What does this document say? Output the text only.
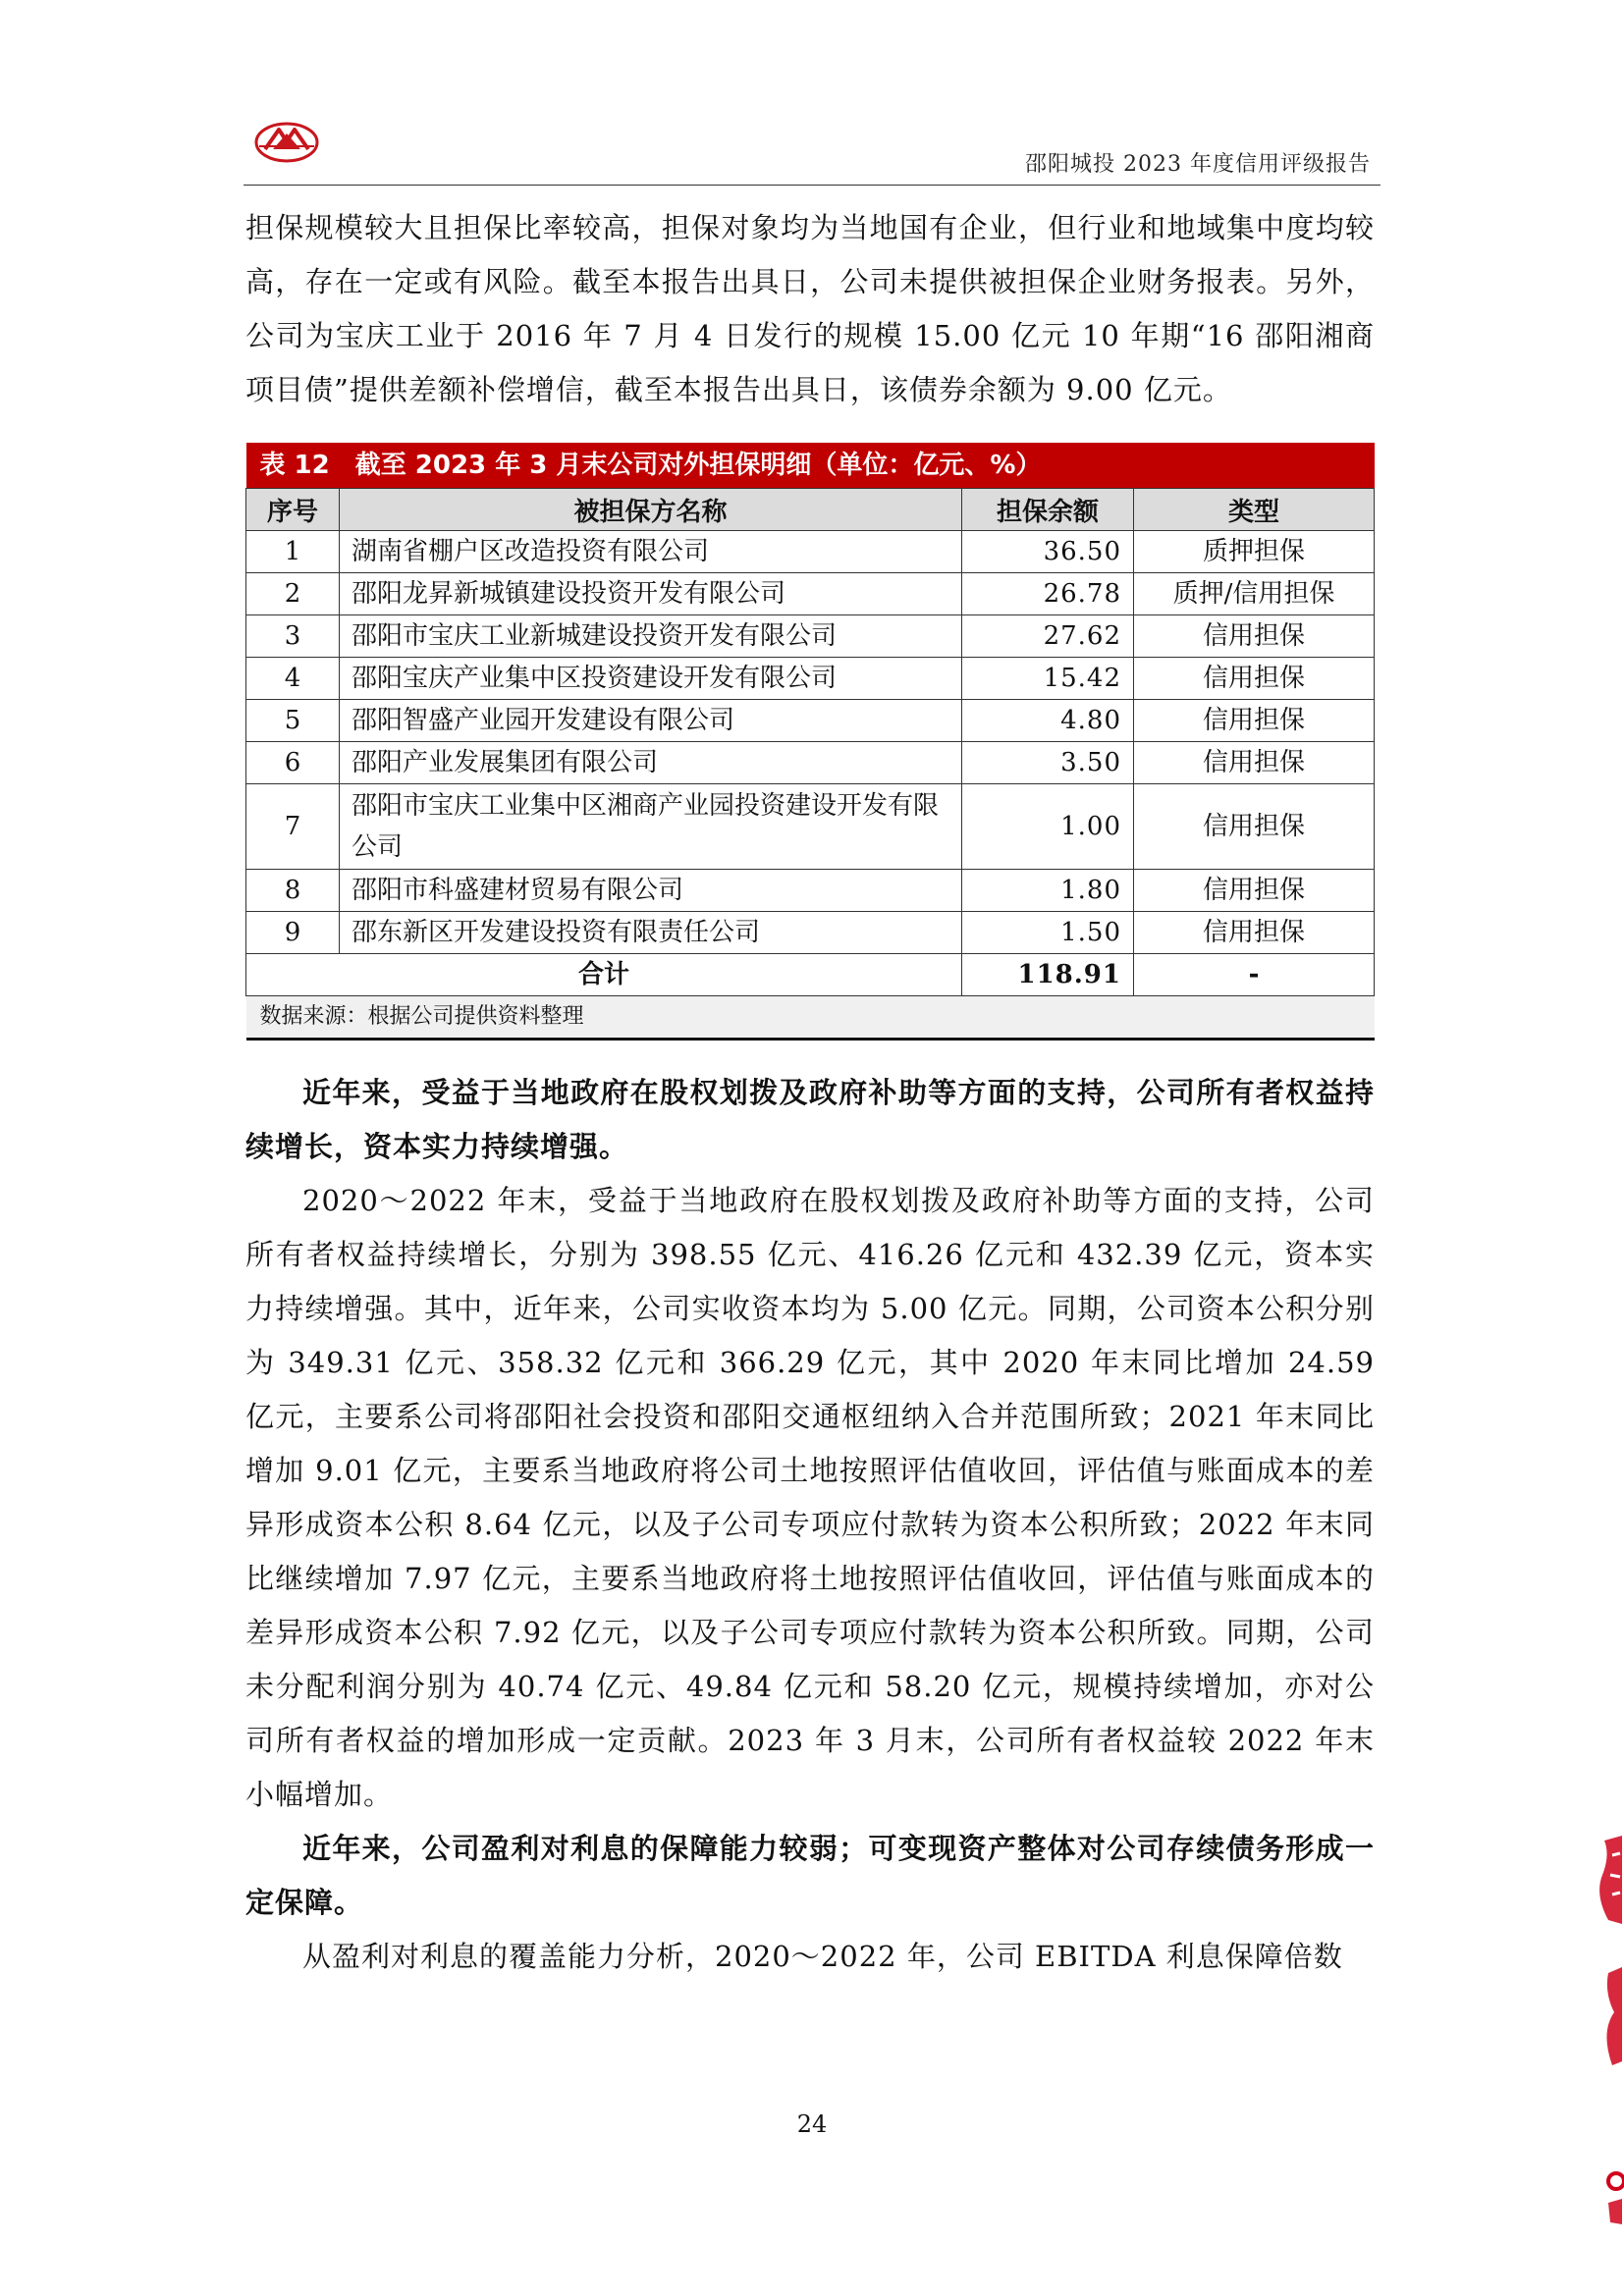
邵阳城投 2023 年度信用评级报告

担保规模较大且担保比率较高，担保对象均为当地国有企业，但行业和地域集中度均较高，存在一定或有风险。截至本报告出具日，公司未提供被担保企业财务报表。另外，公司为宝庆工业于 2016 年 7 月 4 日发行的规模 15.00 亿元 10 年期“16 邵阳湘商项目债”提供差额补偿增信，截至本报告出具日，该债券余额为 9.00 亿元。

表 12　截至 2023 年 3 月末公司对外担保明细（单位：亿元、%）			
序号	被担保方名称	担保余额	类型
1	湖南省棚户区改造投资有限公司	36.50	质押担保
2	邵阳龙昇新城镇建设投资开发有限公司	26.78	质押/信用担保
3	邵阳市宝庆工业新城建设投资开发有限公司	27.62	信用担保
4	邵阳宝庆产业集中区投资建设开发有限公司	15.42	信用担保
5	邵阳智盛产业园开发建设有限公司	4.80	信用担保
6	邵阳产业发展集团有限公司	3.50	信用担保
7	邵阳市宝庆工业集中区湘商产业园投资建设开发有限公司	1.00	信用担保
8	邵阳市科盛建材贸易有限公司	1.80	信用担保
9	邵东新区开发建设投资有限责任公司	1.50	信用担保
合计		118.91	-
数据来源：根据公司提供资料整理			

近年来，受益于当地政府在股权划拨及政府补助等方面的支持，公司所有者权益持续增长，资本实力持续增强。

2020～2022 年末，受益于当地政府在股权划拨及政府补助等方面的支持，公司所有者权益持续增长，分别为 398.55 亿元、416.26 亿元和 432.39 亿元，资本实力持续增强。其中，近年来，公司实收资本均为 5.00 亿元。同期，公司资本公积分别为 349.31 亿元、358.32 亿元和 366.29 亿元，其中 2020 年末同比增加 24.59 亿元，主要系公司将邵阳社会投资和邵阳交通枢纽纳入合并范围所致；2021 年末同比增加 9.01 亿元，主要系当地政府将公司土地按照评估值收回，评估值与账面成本的差异形成资本公积 8.64 亿元，以及子公司专项应付款转为资本公积所致；2022 年末同比继续增加 7.97 亿元，主要系当地政府将土地按照评估值收回，评估值与账面成本的差异形成资本公积 7.92 亿元，以及子公司专项应付款转为资本公积所致。同期，公司未分配利润分别为 40.74 亿元、49.84 亿元和 58.20 亿元，规模持续增加，亦对公司所有者权益的增加形成一定贡献。2023 年 3 月末，公司所有者权益较 2022 年末小幅增加。

近年来，公司盈利对利息的保障能力较弱；可变现资产整体对公司存续债务形成一定保障。

从盈利对利息的覆盖能力分析，2020～2022 年，公司 EBITDA 利息保障倍数

24
